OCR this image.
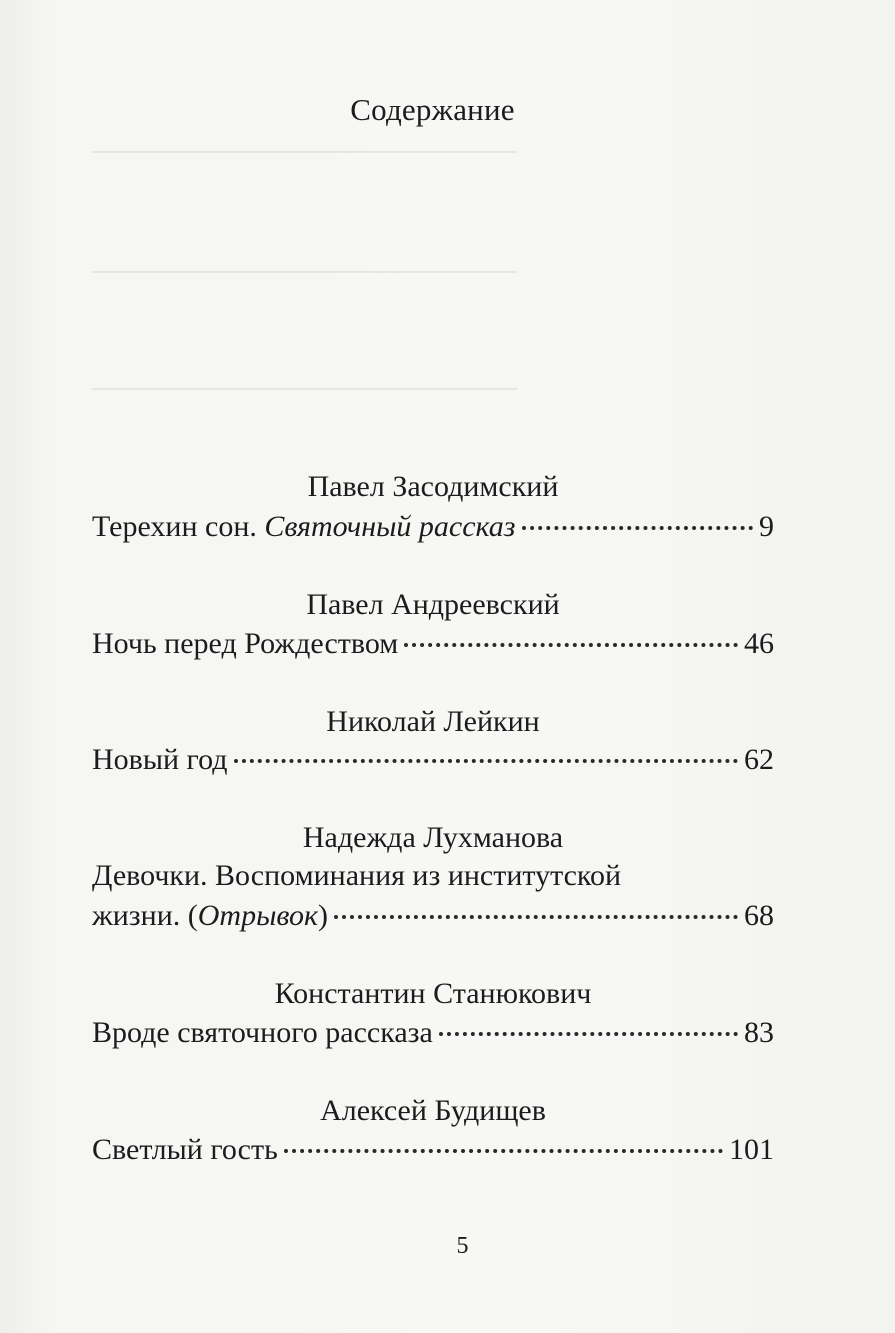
────────────────────
────────────────────
────────────────────
Содержание
Павел Засодимский
Терехин сон. Святочный рассказ	9
Павел Андреевский
Ночь перед Рождеством	46
Николай Лейкин
Новый год	62
Надежда Лухманова
Девочки. Воспоминания из институтской
жизни. (Отрывок)	68
Константин Станюкович
Вроде святочного рассказа	83
Алексей Будищев
Светлый гость	101
5
